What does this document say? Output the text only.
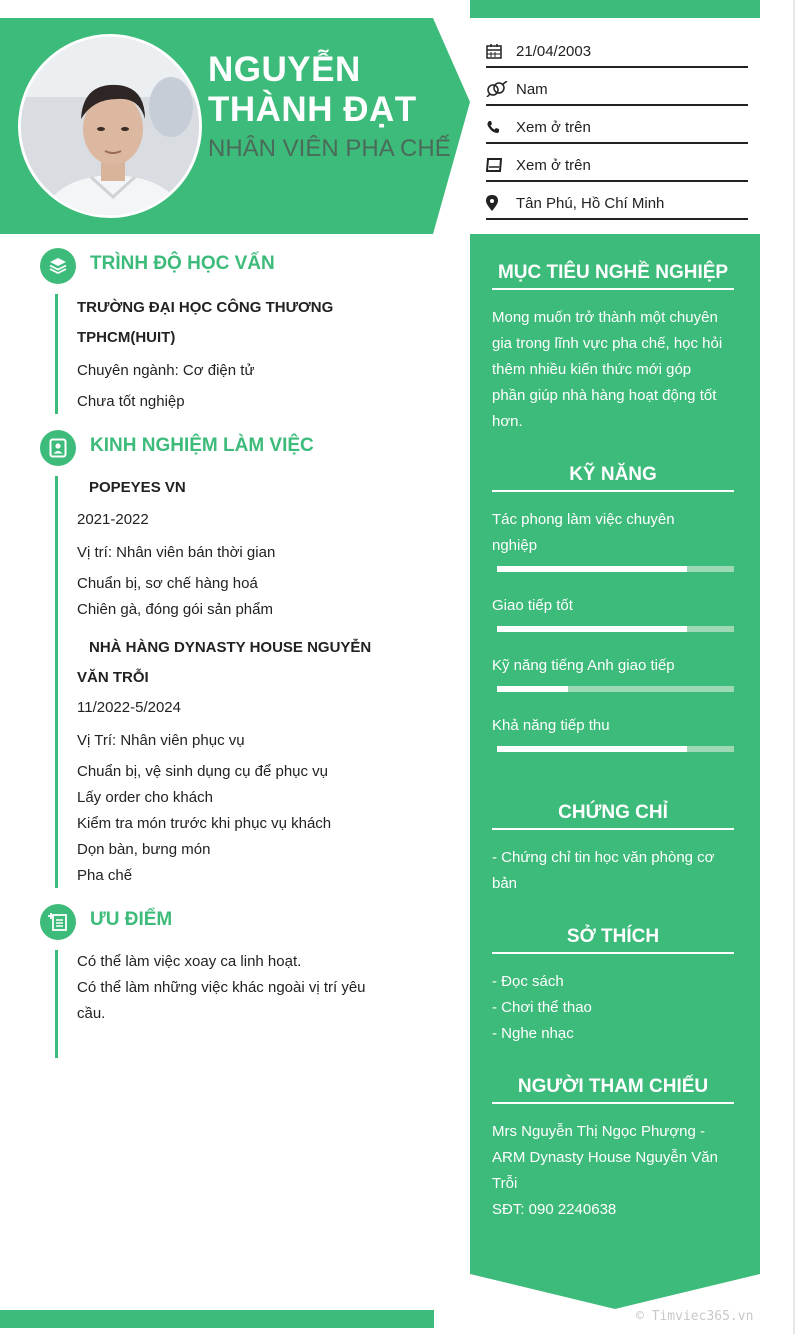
NGUYỄN
THÀNH ĐẠT
NHÂN VIÊN PHA CHẾ
21/04/2003
Nam
Xem ở trên
Xem ở trên
Tân Phú, Hồ Chí Minh
MỤC TIÊU NGHỀ NGHIỆP
Mong muốn trở thành một chuyên
gia trong lĩnh vực pha chế, học hỏi
thêm nhiều kiến thức mới góp
phần giúp nhà hàng hoạt động tốt
hơn.
KỸ NĂNG
Tác phong làm việc chuyên
nghiệp
Giao tiếp tốt
Kỹ năng tiếng Anh giao tiếp
Khả năng tiếp thu
CHỨNG CHỈ
- Chứng chỉ tin học văn phòng cơ
bản
SỞ THÍCH
- Đọc sách
- Chơi thể thao
- Nghe nhạc
NGƯỜI THAM CHIẾU
Mrs Nguyễn Thị Ngọc Phượng -
ARM Dynasty House Nguyễn Văn
Trỗi
SĐT: 090 2240638
TRÌNH ĐỘ HỌC VẤN
TRƯỜNG ĐẠI HỌC CÔNG THƯƠNG
TPHCM(HUIT)
Chuyên ngành: Cơ điện tử
Chưa tốt nghiệp
KINH NGHIỆM LÀM VIỆC
POPEYES VN
2021-2022
Vị trí: Nhân viên bán thời gian
Chuẩn bị, sơ chế hàng hoá
Chiên gà, đóng gói sản phẩm
NHÀ HÀNG DYNASTY HOUSE NGUYỄN
VĂN TRỖI
11/2022-5/2024
Vị Trí: Nhân viên phục vụ
Chuẩn bị, vệ sinh dụng cụ để phục vụ
Lấy order cho khách
Kiểm tra món trước khi phục vụ khách
Dọn bàn, bưng món
Pha chế
ƯU ĐIỂM
Có thể làm việc xoay ca linh hoạt.
Có thể làm những việc khác ngoài vị trí yêu
cầu.
© Timviec365.vn
